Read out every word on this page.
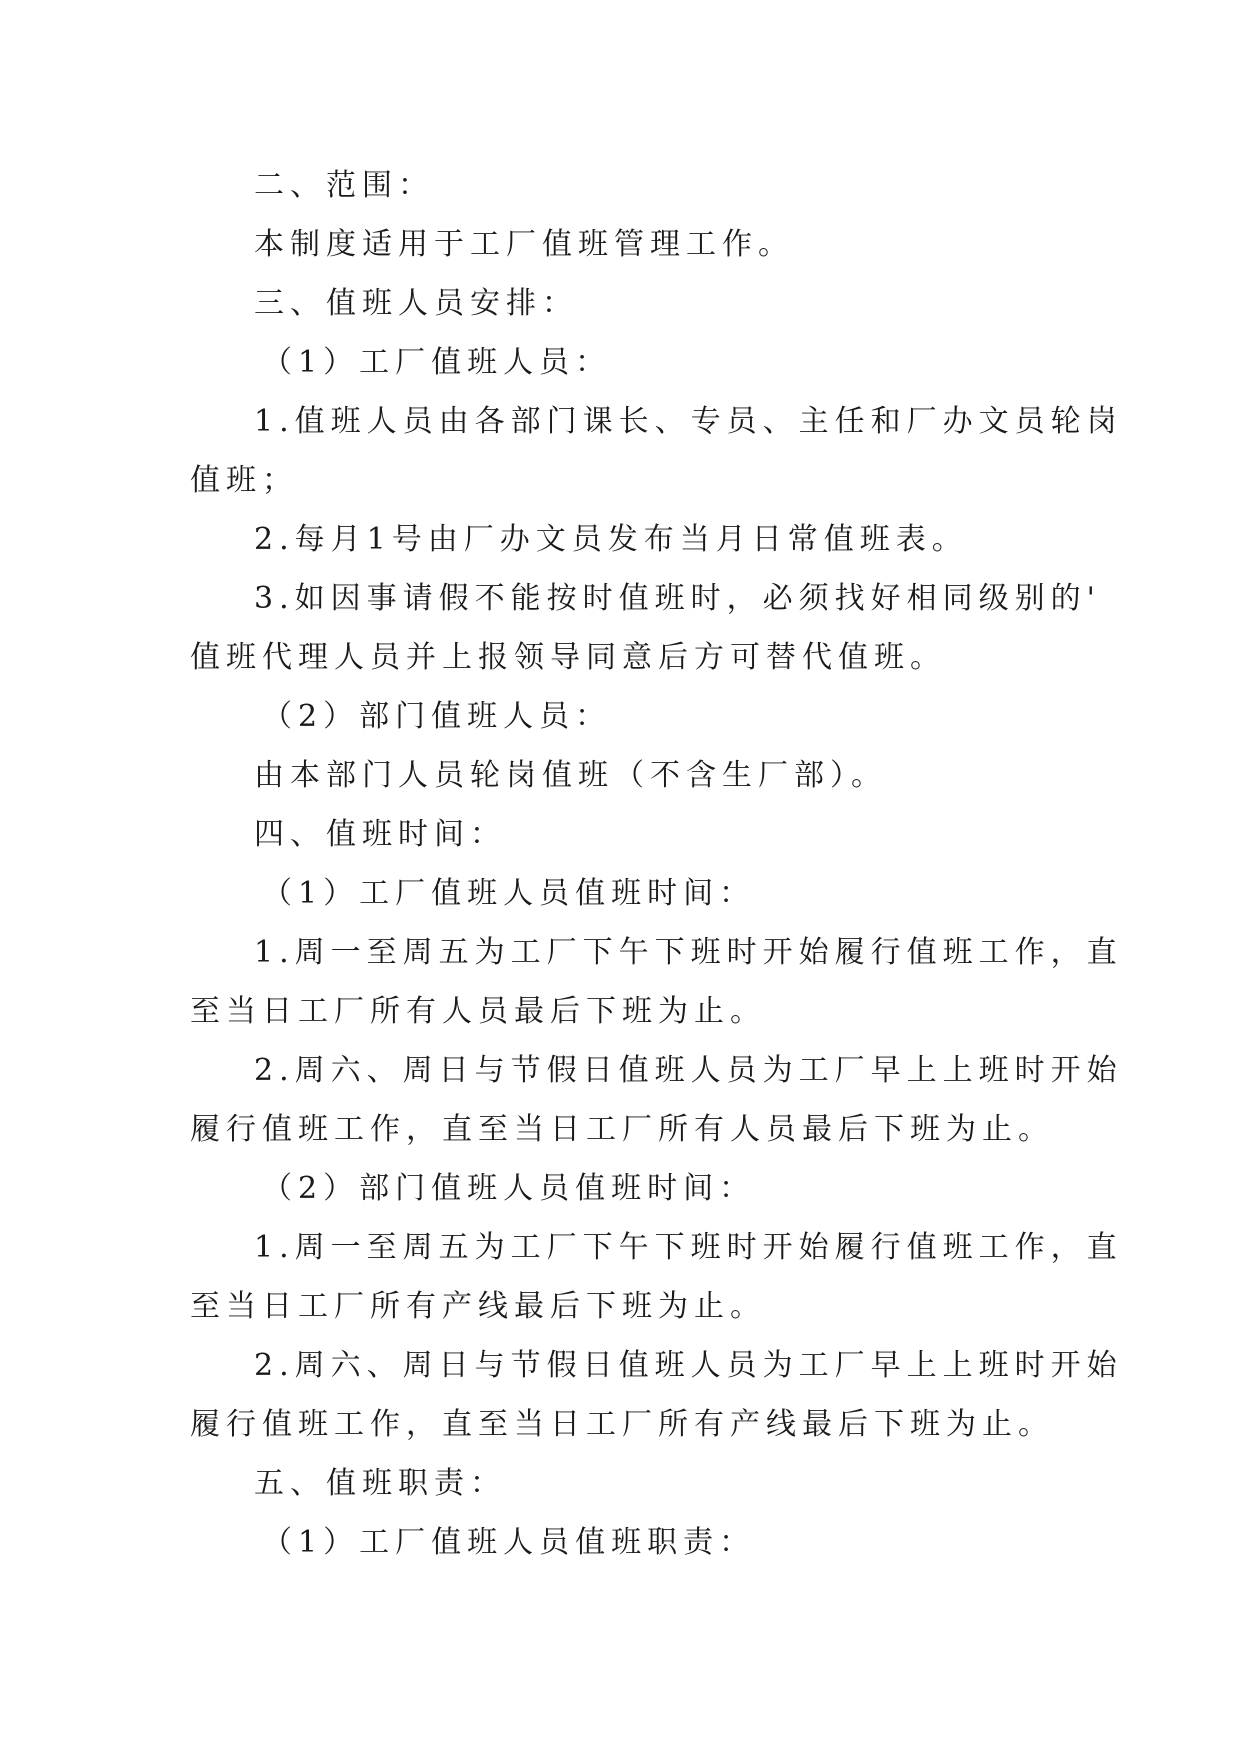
二、范围：
本制度适用于工厂值班管理工作。
三、值班人员安排：
（1）工厂值班人员：
1.值班人员由各部门课长、专员、主任和厂办文员轮岗
值班；
2.每月1号由厂办文员发布当月日常值班表。
3.如因事请假不能按时值班时，必须找好相同级别的'
值班代理人员并上报领导同意后方可替代值班。
（2）部门值班人员：
由本部门人员轮岗值班（不含生厂部）。
四、值班时间：
（1）工厂值班人员值班时间：
1.周一至周五为工厂下午下班时开始履行值班工作，直
至当日工厂所有人员最后下班为止。
2.周六、周日与节假日值班人员为工厂早上上班时开始
履行值班工作，直至当日工厂所有人员最后下班为止。
（2）部门值班人员值班时间：
1.周一至周五为工厂下午下班时开始履行值班工作，直
至当日工厂所有产线最后下班为止。
2.周六、周日与节假日值班人员为工厂早上上班时开始
履行值班工作，直至当日工厂所有产线最后下班为止。
五、值班职责：
（1）工厂值班人员值班职责：
